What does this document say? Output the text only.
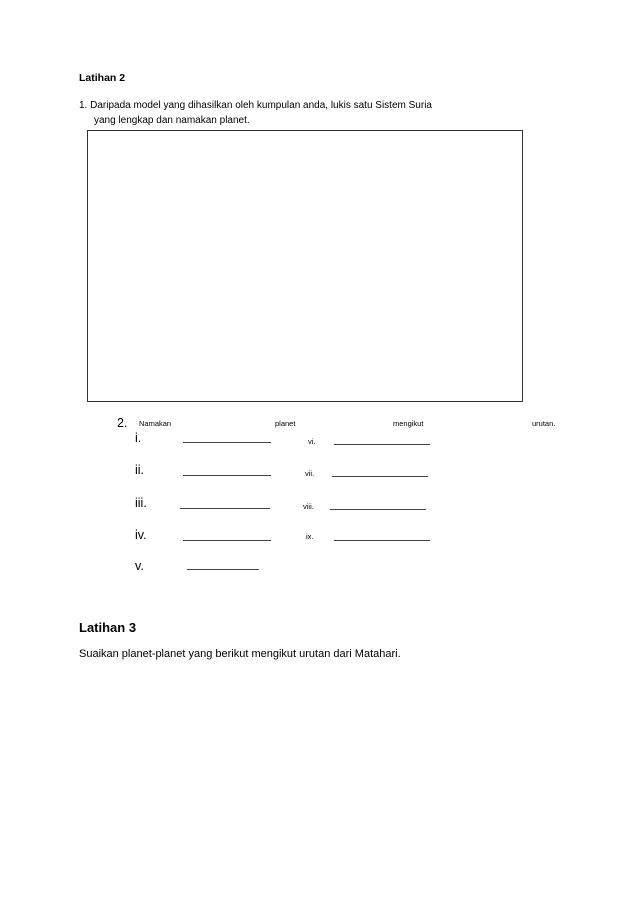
Latihan 2
1. Daripada model yang dihasilkan oleh kumpulan anda, lukis satu Sistem Suria
yang lengkap dan namakan planet.
2. Namakan	planet	mengikut	urutan.
i.
ii.
iii.
iv.
v.
vi.
vii.
viii.
ix.
Latihan 3
Suaikan planet-planet yang berikut mengikut urutan dari Matahari.
